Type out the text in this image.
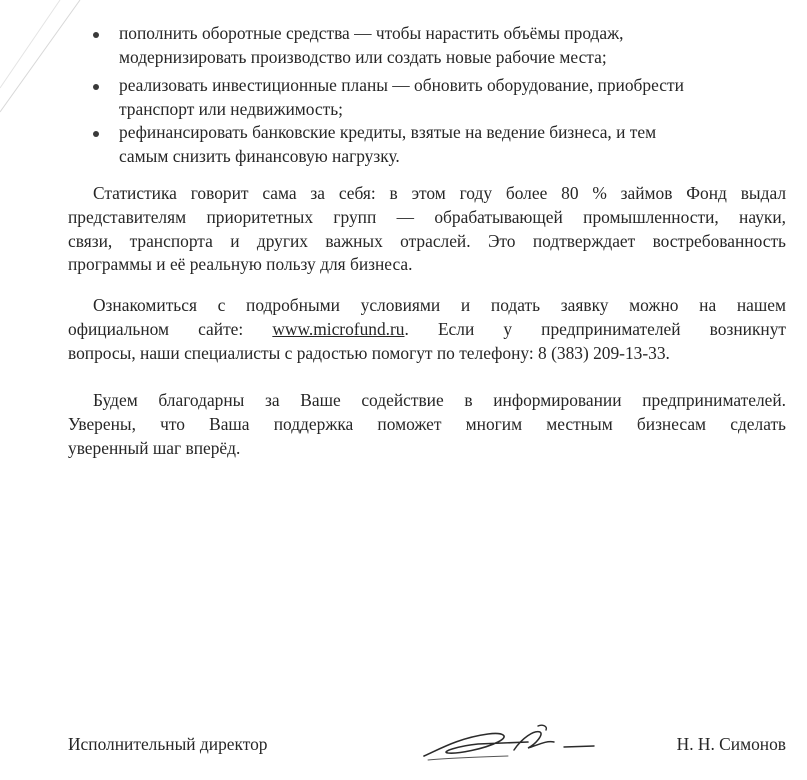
пополнить оборотные средства — чтобы нарастить объёмы продаж,
модернизировать производство или создать новые рабочие места;
реализовать инвестиционные планы — обновить оборудование, приобрести
транспорт или недвижимость;
рефинансировать банковские кредиты, взятые на ведение бизнеса, и тем
самым снизить финансовую нагрузку.
Статистика говорит сама за себя: в этом году более 80 % займов Фонд выдал
представителям приоритетных групп — обрабатывающей промышленности, науки,
связи, транспорта и других важных отраслей. Это подтверждает востребованность
программы и её реальную пользу для бизнеса.
Ознакомиться с подробными условиями и подать заявку можно на нашем
официальном сайте: www.microfund.ru. Если у предпринимателей возникнут
вопросы, наши специалисты с радостью помогут по телефону: 8 (383) 209-13-33.
Будем благодарны за Ваше содействие в информировании предпринимателей.
Уверены, что Ваша поддержка поможет многим местным бизнесам сделать
уверенный шаг вперёд.
Исполнительный директор	Н. Н. Симонов
